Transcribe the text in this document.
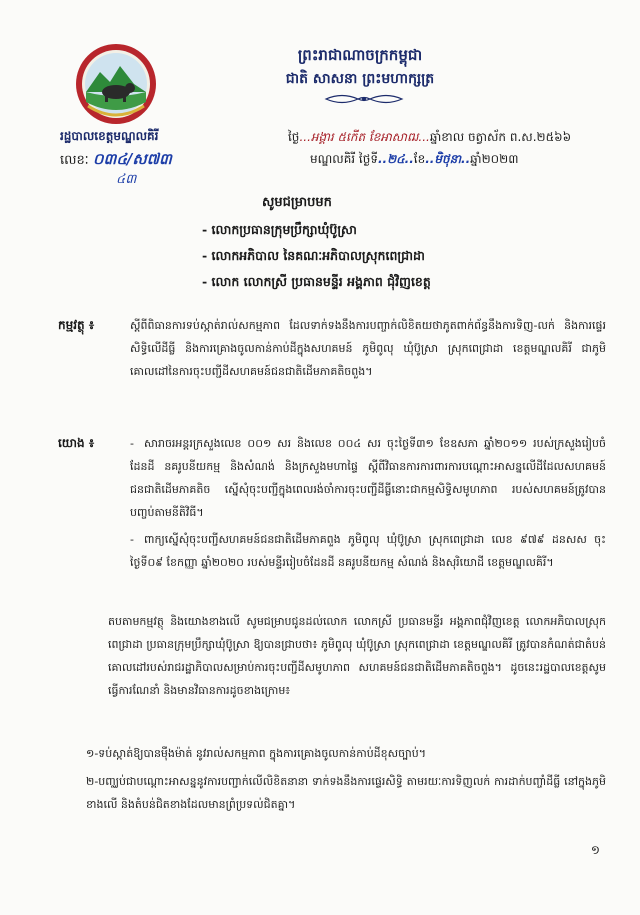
ព្រះរាជាណាចក្រកម្ពុជា
ជាតិ សាសនា ព្រះមហាក្សត្រ
រដ្ឋបាលខេត្តមណ្ឌលគិរី
លេខៈ ០៣៤/ស៧៣
៤៣
ថ្ងៃ...អង្គារ ៥កើត ខែអាសាឍ...ឆ្នាំខាល ចត្វាស័ក ព.ស.២៥៦៦
មណ្ឌលគិរី ថ្ងៃទី..២៤..ខែ..មិថុនា..ឆ្នាំ២០២៣
សូមជម្រាបមក
- លោកប្រធានក្រុមប្រឹក្សាឃុំប៊ូស្រា
- លោកអភិបាល នៃគណៈអភិបាលស្រុកពេជ្រាដា
- លោក លោកស្រី ប្រធានមន្ទីរ អង្គភាព ជុំវិញខេត្ត
កម្មវត្ថុ ៖	ស្តីពីពិធានការទប់ស្កាត់រាល់សកម្មភាព ដែលទាក់ទងនឹងការបញ្ចាក់លិខិតយថាភូតពាក់ព័ន្ធនឹងការទិញ-លក់ និងការផ្ទេរសិទ្ធិលើដីធ្លី និងការគ្រោងចូលកាន់កាប់ដីក្នុងសហគមន៍ ភូមិពូលុ ឃុំប៊ូស្រា ស្រុកពេជ្រាដា ខេត្តមណ្ឌលគិរី ជាភូមិគោលដៅនៃការចុះបញ្ជីដីសហគមន៍ជនជាតិដើមភាគតិចពួង។
យោង ៖	- សារាចរអន្តរក្រសួងលេខ ០០១ សរ និងលេខ ០០៤ សរ ចុះថ្ងៃទី៣១ ខែឧសភា ឆ្នាំ២០១១ របស់ក្រសួងរៀបចំដែនដី នគរូបនីយកម្ម និងសំណង់ និងក្រសួងមហាផ្ទៃ ស្តីពីវិធានការការពារការបណ្តោះអាសន្នលើដីដែលសហគមន៍ជនជាតិដើមភាគតិច ស្នើសុំចុះបញ្ជីក្នុងពេលរង់ចាំការចុះបញ្ជីដីធ្លីនោះជាកម្មសិទ្ធិសមូហភាព របស់សហគមន៍ត្រូវបានបញ្ចប់តាមនីតិវិធី។
- ពាក្យស្នើសុំចុះបញ្ជីសហគមន៍ជនជាតិដើមភាគពួង ភូមិពូលុ ឃុំប៊ូស្រា ស្រុកពេជ្រាដា លេខ ៩៧៩ ដនសស ចុះថ្ងៃទី០៩ ខែកញ្ញា ឆ្នាំ២០២០ របស់មន្ទីររៀបចំដែនដី នគរូបនីយកម្ម សំណង់ និងសុរិយោដី ខេត្តមណ្ឌលគិរី។
តបតាមកម្មវត្ថុ និងយោងខាងលើ សូមជម្រាបជូនដល់លោក លោកស្រី ប្រធានមន្ទីរ អង្គភាពជុំវិញខេត្ត លោកអភិបាលស្រុកពេជ្រាដា ប្រធានក្រុមប្រឹក្សាឃុំប៊ូស្រា ឱ្យបានជ្រាបថា៖ ភូមិពូលុ ឃុំប៊ូស្រា ស្រុកពេជ្រាដា ខេត្តមណ្ឌលគិរី ត្រូវបានកំណត់ជាតំបន់គោលដៅរបស់រាជរដ្ឋាភិបាលសម្រាប់ការចុះបញ្ជីដីសមូហភាព សហគមន៍ជនជាតិដើមភាគតិចពួង។ ដូចនេះរដ្ឋបាលខេត្តសូមធ្វើការណែនាំ និងមានវិធានការដូចខាងក្រោម៖
១-ទប់ស្កាត់ឱ្យបានម៉ឺងម៉ាត់ នូវរាល់សកម្មភាព ក្នុងការគ្រោងចូលកាន់កាប់ដីខុសច្បាប់។
២-បញ្ឈប់ជាបណ្តោះអាសន្ននូវការបញ្ជាក់លើលិខិតនានា ទាក់ទងនឹងការផ្ទេរសិទ្ធិ តាមរយៈការទិញលក់ ការដាក់បញ្ចាំដីធ្លី នៅក្នុងភូមិខាងលើ និងតំបន់ជិតខាងដែលមានព្រំប្រទល់ជិតគ្នា។
១
